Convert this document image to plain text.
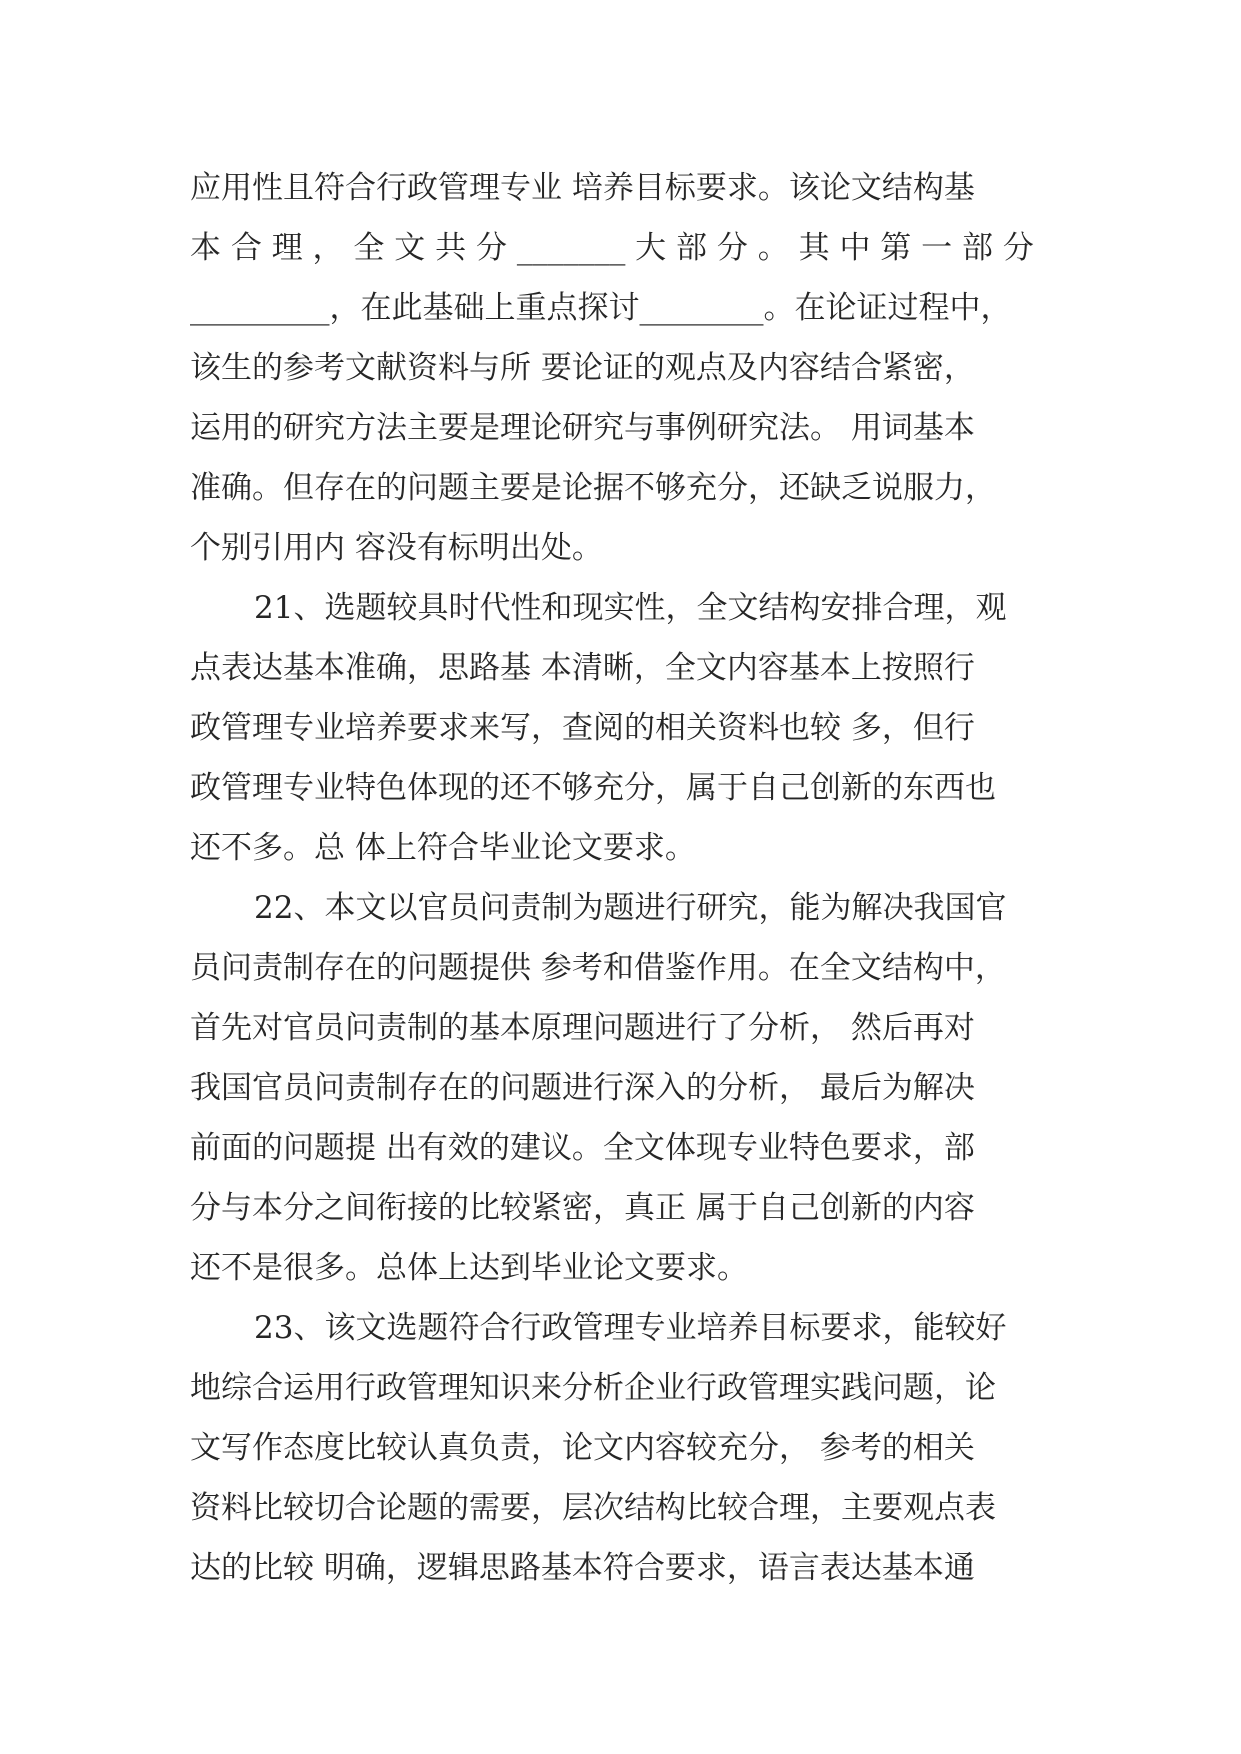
应用性且符合行政管理专业 培养目标要求。该论文结构基
本 合 理 ， 全 文 共 分 _______ 大 部 分 。 其 中 第 一 部 分
_________，在此基础上重点探讨________。在论证过程中，
该生的参考文献资料与所 要论证的观点及内容结合紧密，
运用的研究方法主要是理论研究与事例研究法。 用词基本
准确。但存在的问题主要是论据不够充分，还缺乏说服力，
个别引用内 容没有标明出处。
21、选题较具时代性和现实性，全文结构安排合理，观
点表达基本准确，思路基 本清晰，全文内容基本上按照行
政管理专业培养要求来写，查阅的相关资料也较 多，但行
政管理专业特色体现的还不够充分，属于自己创新的东西也
还不多。总 体上符合毕业论文要求。
22、本文以官员问责制为题进行研究，能为解决我国官
员问责制存在的问题提供 参考和借鉴作用。在全文结构中，
首先对官员问责制的基本原理问题进行了分析， 然后再对
我国官员问责制存在的问题进行深入的分析， 最后为解决
前面的问题提 出有效的建议。全文体现专业特色要求，部
分与本分之间衔接的比较紧密，真正 属于自己创新的内容
还不是很多。总体上达到毕业论文要求。
23、该文选题符合行政管理专业培养目标要求，能较好
地综合运用行政管理知识来分析企业行政管理实践问题，论
文写作态度比较认真负责，论文内容较充分， 参考的相关
资料比较切合论题的需要，层次结构比较合理，主要观点表
达的比较 明确，逻辑思路基本符合要求，语言表达基本通
